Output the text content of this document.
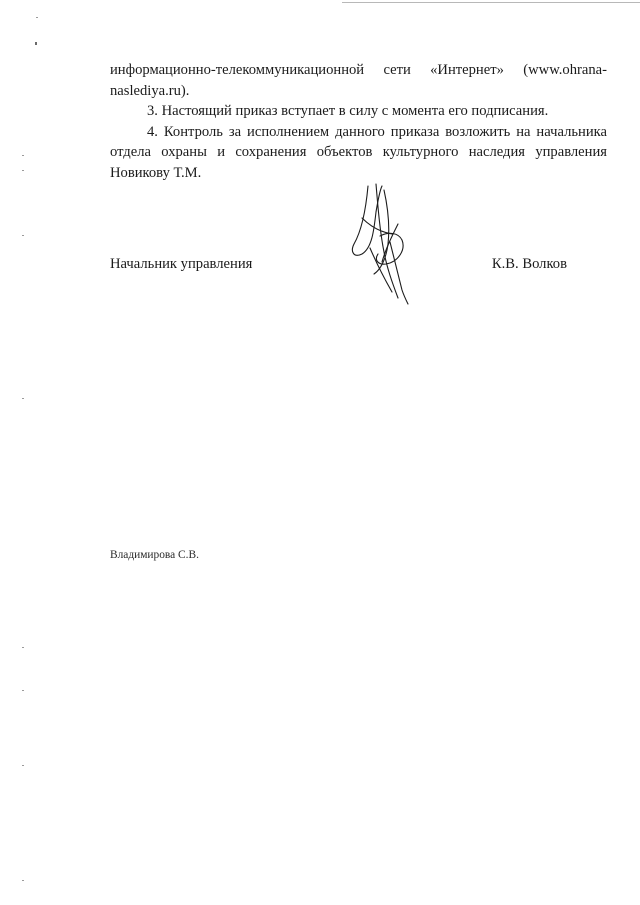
информационно-телекоммуникационной сети «Интернет» (www.ohrana-

naslediya.ru).

3. Настоящий приказ вступает в силу с момента его подписания.

4. Контроль за исполнением данного приказа возложить на начальника отдела охраны и сохранения объектов культурного наследия управления Новикову Т.М.

Начальник управления	К.В. Волков
Владимирова С.В.
